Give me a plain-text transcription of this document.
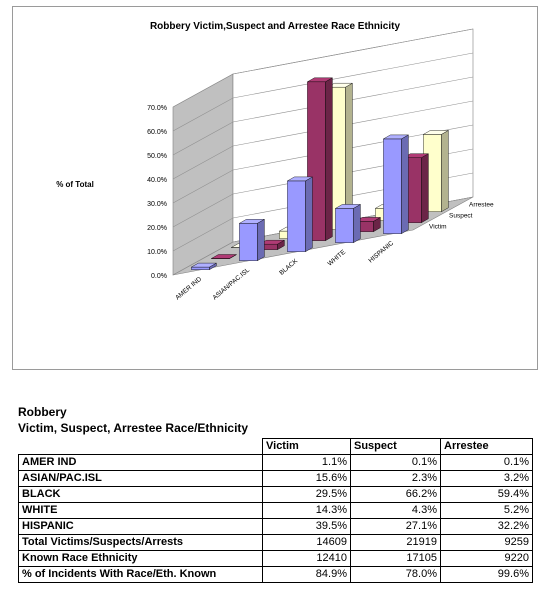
Robbery Victim,Suspect and Arrestee Race Ethnicity
% of Total
0.0%
10.0%
20.0%
30.0%
40.0%
50.0%
60.0%
70.0%
AMER IND ASIAN/PAC.ISL	BLACK	WHITE	HISPANIC
Victim
Suspect
Arrestee
Robbery
Victim, Suspect, Arrestee Race/Ethnicity
	Victim	Suspect	Arrestee
AMER IND	1.1%	0.1%	0.1%
ASIAN/PAC.ISL	15.6%	2.3%	3.2%
BLACK	29.5%	66.2%	59.4%
WHITE	14.3%	4.3%	5.2%
HISPANIC	39.5%	27.1%	32.2%
Total Victims/Suspects/Arrests	14609	21919	9259
Known Race Ethnicity	12410	17105	9220
% of Incidents With Race/Eth. Known	84.9%	78.0%	99.6%
